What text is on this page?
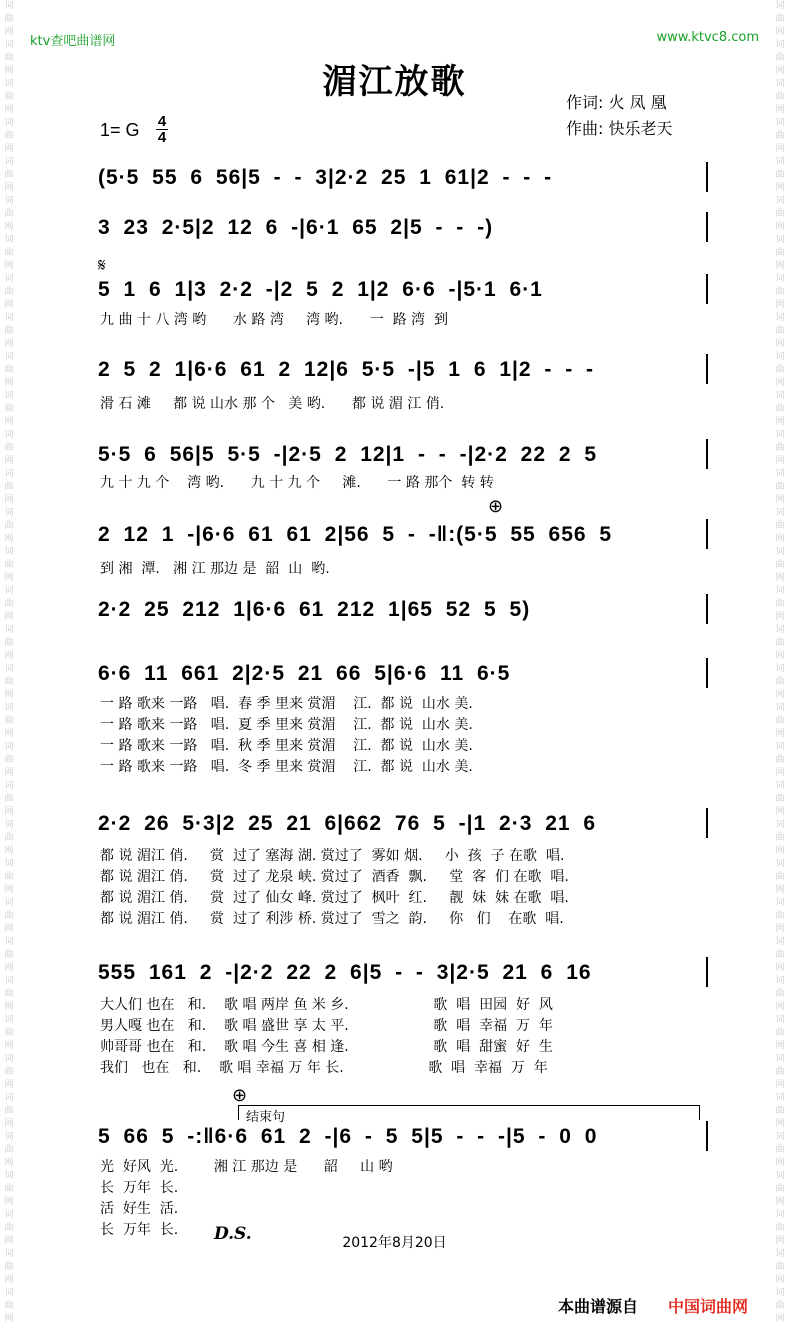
词曲网词曲网词曲网词曲网词曲网词曲网词曲网词曲网词曲网词曲网词曲网词曲网词曲网词曲网词曲网词曲网词曲网词曲网词曲网词曲网词曲网词曲网词曲网词曲网词曲网词曲网词曲网词曲网词曲网词曲网词曲网词曲网词曲网词曲网
词曲网词曲网词曲网词曲网词曲网词曲网词曲网词曲网词曲网词曲网词曲网词曲网词曲网词曲网词曲网词曲网词曲网词曲网词曲网词曲网词曲网词曲网词曲网词曲网词曲网词曲网词曲网词曲网词曲网词曲网词曲网词曲网词曲网词曲网
ktv查吧曲谱网	www.ktvc8.com
湄江放歌
作词: 火 凤 凰
作曲: 快乐老天
1= G 4
4
𝄋
⊕
⊕
(5·5 55 6 56|5 - - 3|2·2 25 1 61|2 - - -
3 23 2·5|2 12 6 -|6·1 65 2|5 - - -)
5 1 6 1|3 2·2 -|2 5 2 1|2 6·6 -|5·1 6·1
九 曲 十 八 湾 哟      水 路 湾     湾 哟.      一  路 湾  到
2 5 2 1|6·6 61 2 12|6 5·5 -|5 1 6 1|2 - - -
滑 石 滩     都 说 山水 那 个   美 哟.      都 说 湄 江 俏.
5·5 6 56|5 5·5 -|2·5 2 12|1 - - -|2·2 22 2 5
九 十 九 个    湾 哟.      九 十 九 个     滩.      一 路 那个  转 转
2 12 1 -|6·6 61 61 2|56 5 - -‖:(5·5 55 656 5
到 湘  潭.   湘 江 那边 是  韶  山  哟.
2·2 25 212 1|6·6 61 212 1|65 52 5 5)
6·6 11 661 2|2·5 21 66 5|6·6 11 6·5
一 路 歌来 一路   唱.  春 季 里来 赏湄    江.  都 说  山水 美.
一 路 歌来 一路   唱.  夏 季 里来 赏湄    江.  都 说  山水 美.
一 路 歌来 一路   唱.  秋 季 里来 赏湄    江.  都 说  山水 美.
一 路 歌来 一路   唱.  冬 季 里来 赏湄    江.  都 说  山水 美.
2·2 26 5·3|2 25 21 6|662 76 5 -|1 2·3 21 6
都 说 湄江 俏.     赏  过了 塞海 湖. 赏过了  雾如 烟.     小  孩  子 在歌  唱.
都 说 湄江 俏.     赏  过了 龙泉 峡. 赏过了  酒香  飘.     堂  客  们 在歌  唱.
都 说 湄江 俏.     赏  过了 仙女 峰. 赏过了  枫叶  红.     靓  妹  妹 在歌  唱.
都 说 湄江 俏.     赏  过了 利涉 桥. 赏过了  雪之  韵.     你   们    在歌  唱.
555 161 2 -|2·2 22 2 6|5 - - 3|2·5 21 6 16
大人们 也在   和.    歌 唱 两岸 鱼 米 乡.                   歌  唱  田园  好  风
男人嘎 也在   和.    歌 唱 盛世 享 太 平.                   歌  唱  幸福  万  年
帅哥哥 也在   和.    歌 唱 今生 喜 相 逢.                   歌  唱  甜蜜  好  生
我们   也在   和.    歌 唱 幸福 万 年 长.                   歌  唱  幸福  万  年
结束句
5 66 5 -:‖6·6 61 2 -|6 - 5 5|5 - - -|5 - 0 0
光  好风  光.        湘 江 那边 是      韶     山 哟
长  万年  长.
活  好生  活.
长  万年  长. D.S.	2012年8月20日
本曲谱源自 中国词曲网
